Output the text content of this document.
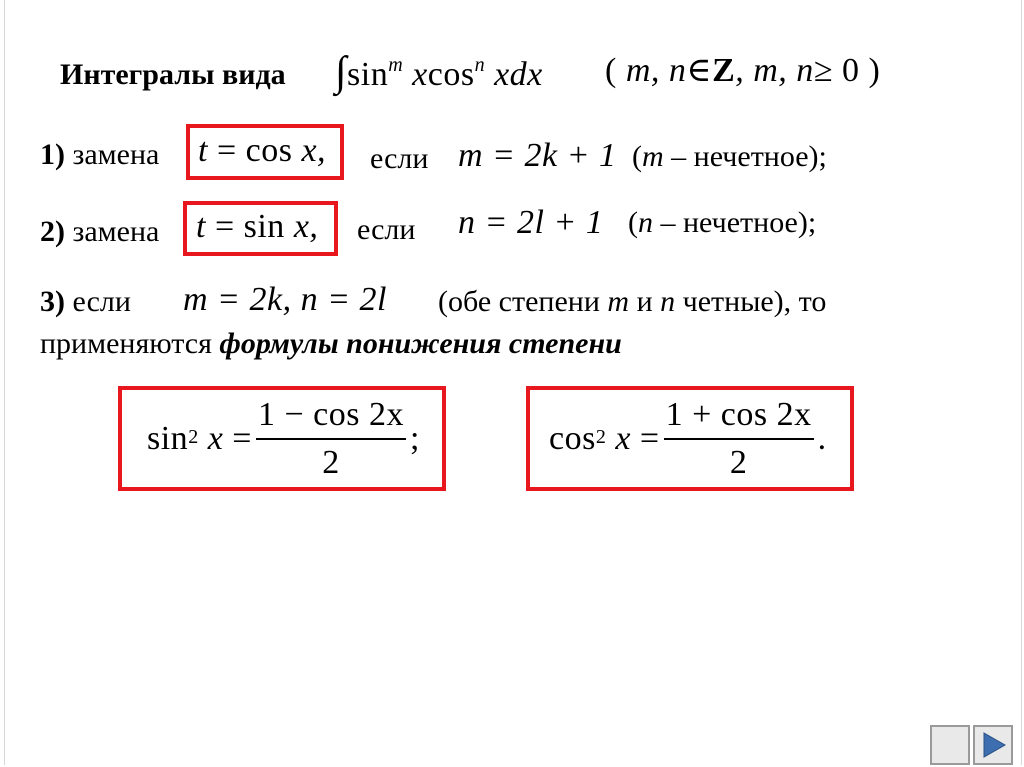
Интегралы вида $\int\sin^m$ xcos$^n$ xdx ( m, n∈Z, m, n≥ 0 )
1) замена t = cos x, если m = 2k + 1 (m – нечетное);
2) замена t = sin x, если n = 2l + 1 (n – нечетное);
3) если m = 2k, n = 2l (обе степени m и n четные), то
применяются формулы понижения степени
sin 2
x
= $\frac{1 - \cos 2x}{2}$ ;	cos 2
x
= $\frac{1 + \cos 2x}{2}$ .
